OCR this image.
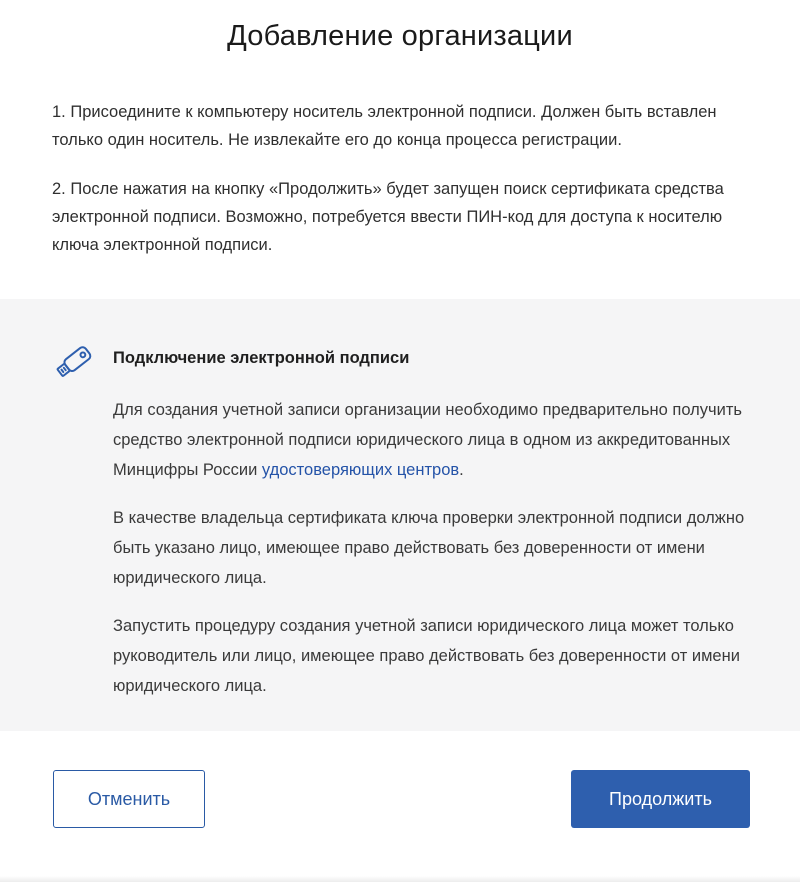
Добавление организации

1. Присоедините к компьютеру носитель электронной подписи. Должен быть вставлен только один носитель. Не извлекайте его до конца процесса регистрации.

2. После нажатия на кнопку «Продолжить» будет запущен поиск сертификата средства электронной подписи. Возможно, потребуется ввести ПИН-код для доступа к носителю ключа электронной подписи.

Подключение электронной подписи

Для создания учетной записи организации необходимо предварительно получить средство электронной подписи юридического лица в одном из аккредитованных Минцифры России удостоверяющих центров.

В качестве владельца сертификата ключа проверки электронной подписи должно быть указано лицо, имеющее право действовать без доверенности от имени юридического лица.

Запустить процедуру создания учетной записи юридического лица может только руководитель или лицо, имеющее право действовать без доверенности от имени юридического лица.

Отменить	Продолжить
